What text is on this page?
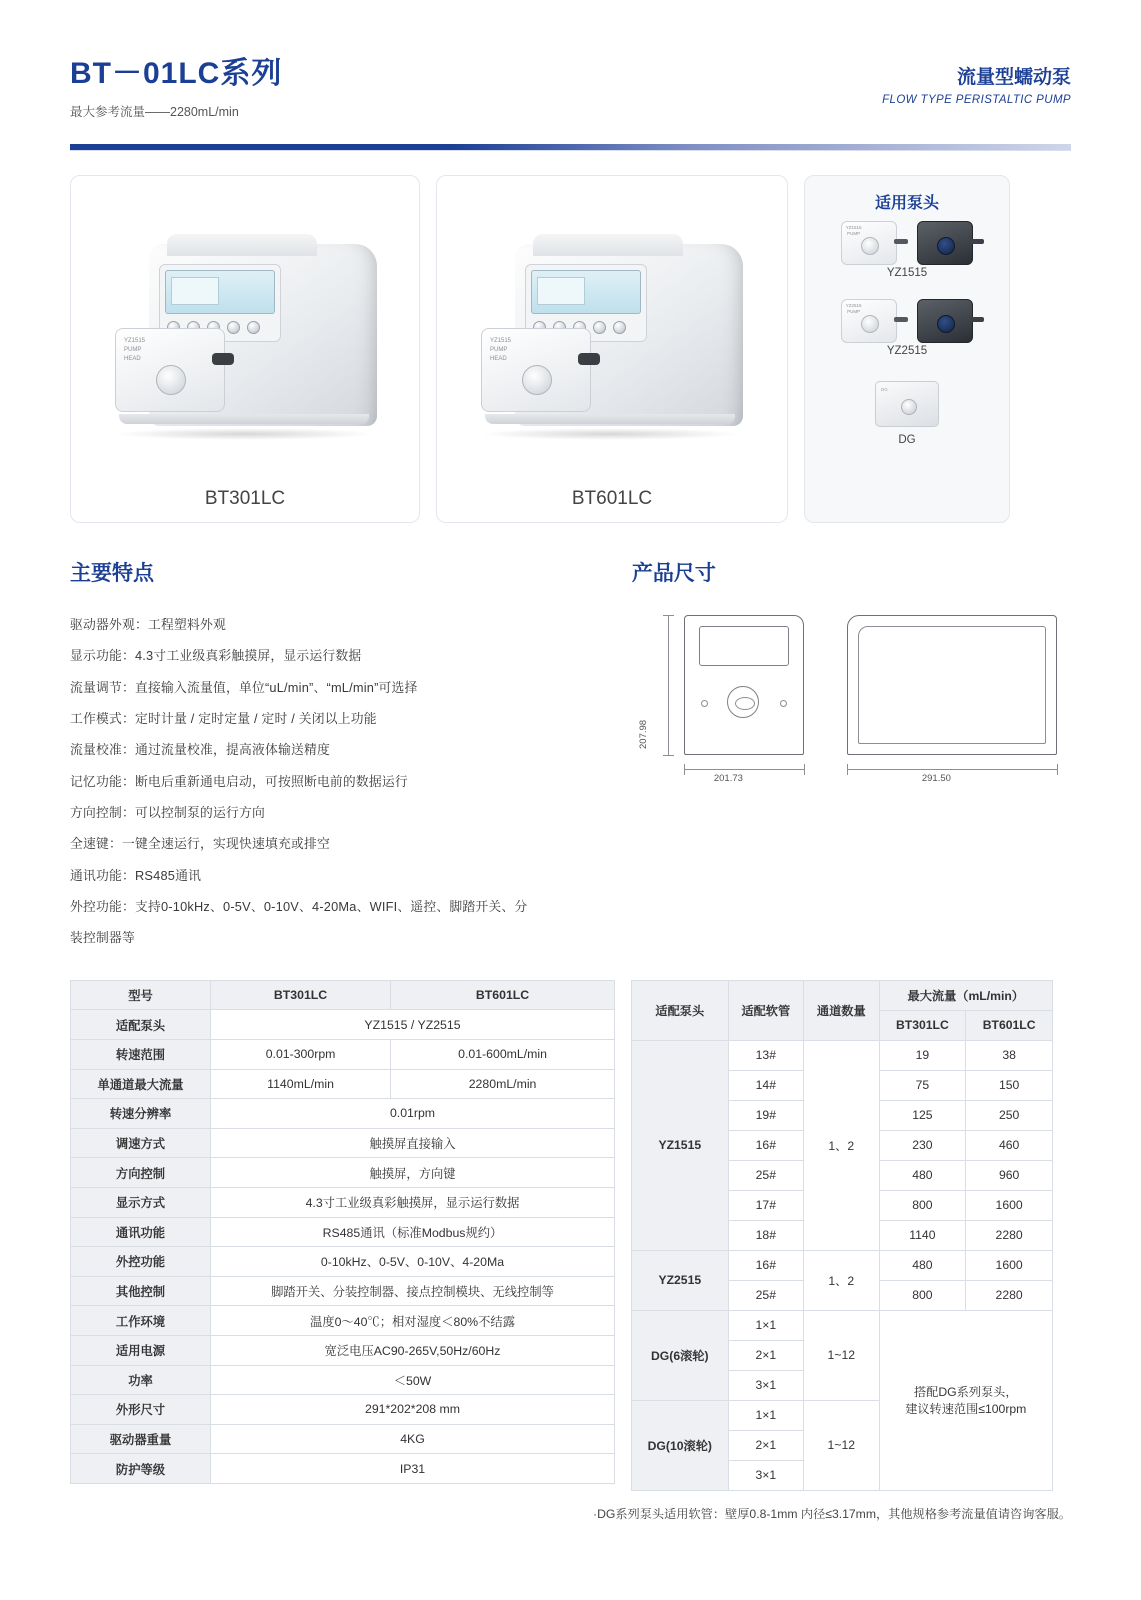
BT－01LC系列
最大参考流量——2280mL/min
流量型蠕动泵
FLOW TYPE PERISTALTIC PUMP
YZ1515
PUMP
HEAD
BT301LC
YZ1515
PUMP
HEAD
BT601LC
适用泵头
YZ1515
PUMP

YZ1515
YZ2515
PUMP

YZ2515
DG
DG
主要特点
驱动器外观：工程塑料外观
显示功能：4.3寸工业级真彩触摸屏，显示运行数据
流量调节：直接输入流量值，单位“uL/min”、“mL/min”可选择
工作模式：定时计量 / 定时定量 / 定时 / 关闭以上功能
流量校准：通过流量校准，提高液体输送精度
记忆功能：断电后重新通电启动，可按照断电前的数据运行
方向控制：可以控制泵的运行方向
全速键：一键全速运行，实现快速填充或排空
通讯功能：RS485通讯
外控功能：支持0-10kHz、0-5V、0-10V、4-20Ma、WIFI、遥控、脚踏开关、分
装控制器等
产品尺寸
207.98
201.73	291.50
型号	BT301LC	BT601LC
适配泵头	YZ1515 / YZ2515	
转速范围	0.01-300rpm	0.01-600mL/min
单通道最大流量	1140mL/min	2280mL/min
转速分辨率	0.01rpm	
调速方式	触摸屏直接输入	
方向控制	触摸屏，方向键	
显示方式	4.3寸工业级真彩触摸屏，显示运行数据	
通讯功能	RS485通讯（标准Modbus规约）	
外控功能	0-10kHz、0-5V、0-10V、4-20Ma	
其他控制	脚踏开关、分装控制器、接点控制模块、无线控制等	
工作环境	温度0～40℃；相对湿度＜80%不结露	
适用电源	宽泛电压AC90-265V,50Hz/60Hz	
功率	＜50W	
外形尺寸	291*202*208 mm	
驱动器重量	4KG	
防护等级	IP31	
适配泵头	适配软管	通道数量	最大流量（mL/min）	
			BT301LC	BT601LC
YZ1515	13#	1、2	19	38
	14#		75	150
	19#		125	250
	16#		230	460
	25#		480	960
	17#		800	1600
	18#		1140	2280
YZ2515	16#	1、2	480	1600
	25#		800	2280
DG(6滚轮)	1×1	1~12	搭配DG系列泵头，
建议转速范围≤100rpm	

	2×1			
	3×1			
DG(10滚轮)	1×1	1~12		
	2×1			
	3×1			
·DG系列泵头适用软管：壁厚0.8-1mm 内径≤3.17mm，其他规格参考流量值请咨询客服。
